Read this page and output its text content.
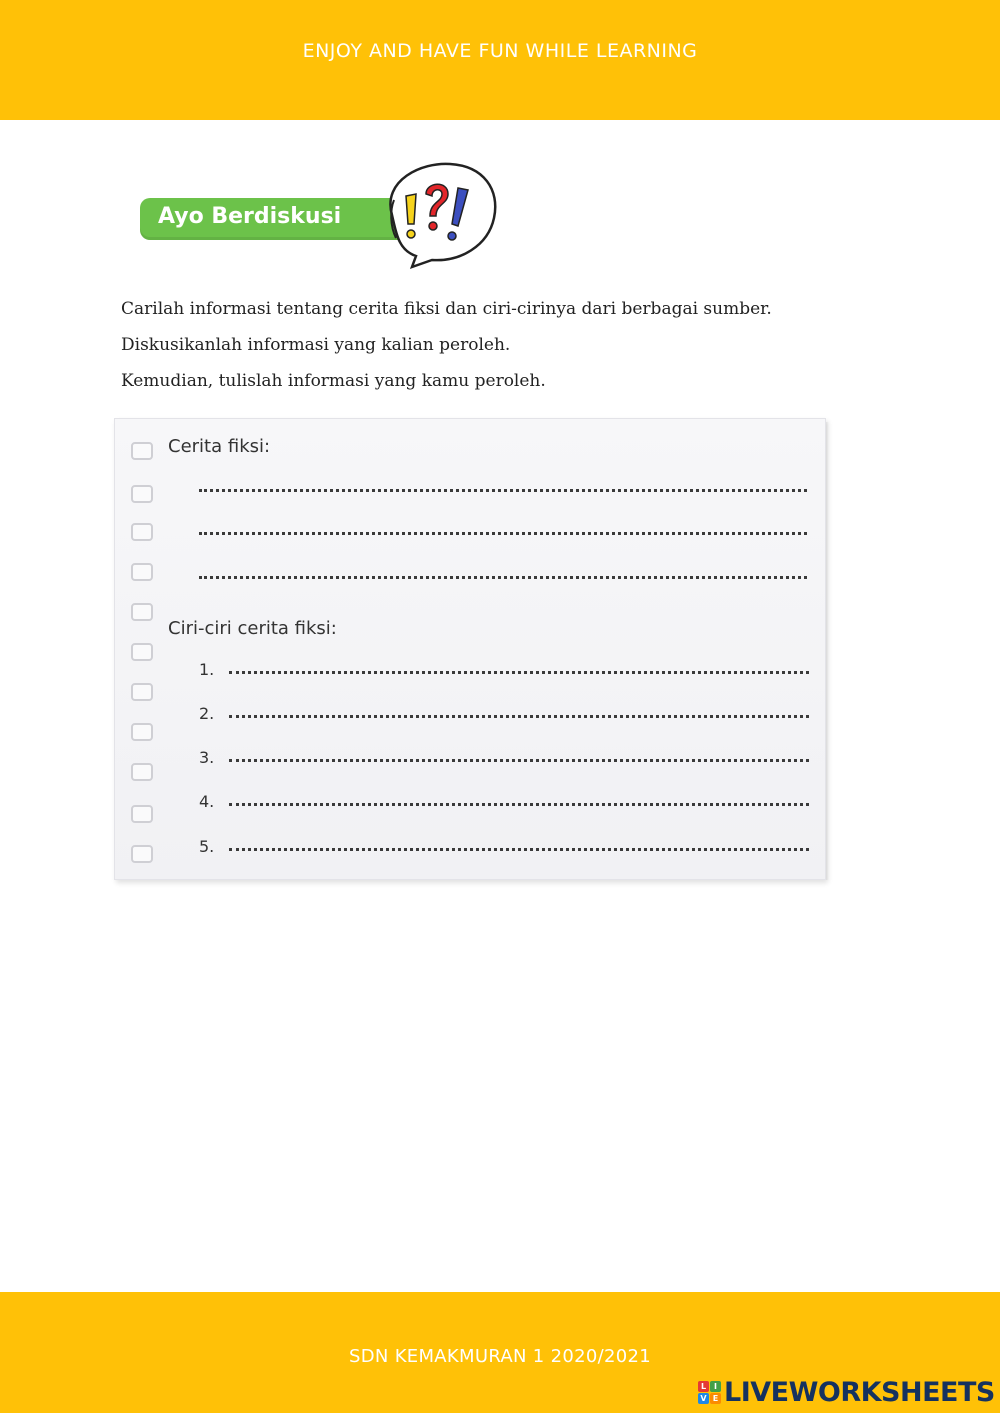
ENJOY AND HAVE FUN WHILE LEARNING
Ayo Berdiskusi

Carilah informasi tentang cerita fiksi dan ciri-cirinya dari berbagai sumber.

Diskusikanlah informasi yang kalian peroleh.

Kemudian, tulislah informasi yang kamu peroleh.

Cerita fiksi:
Ciri-ciri cerita fiksi:
1.
2.
3.
4.
5.
SDN KEMAKMURAN 1 2020/2021
L I
V E LIVEWORKSHEETS
